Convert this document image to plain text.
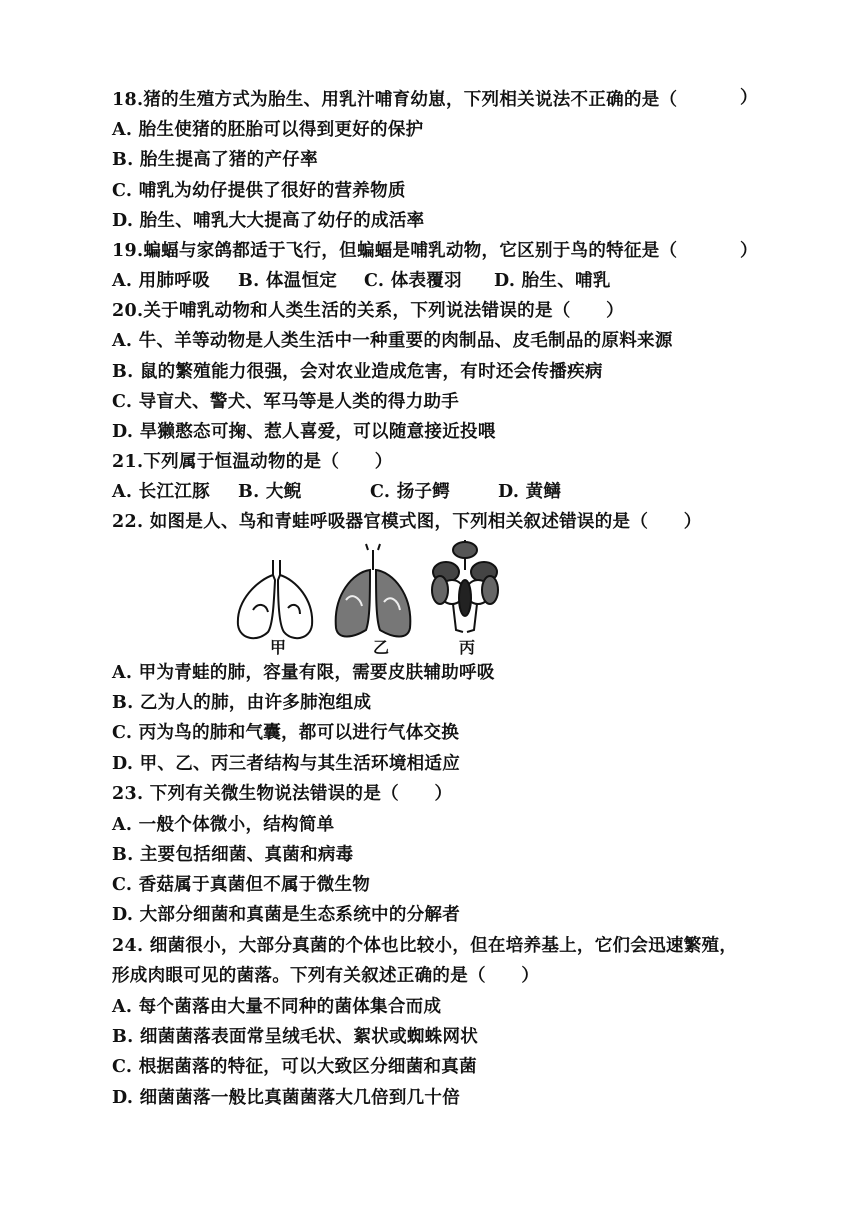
18.猪的生殖方式为胎生、用乳汁哺育幼崽，下列相关说法不正确的是（	）
A. 胎生使猪的胚胎可以得到更好的保护
B. 胎生提高了猪的产仔率
C. 哺乳为幼仔提供了很好的营养物质
D. 胎生、哺乳大大提高了幼仔的成活率
19.蝙蝠与家鸽都适于飞行，但蝙蝠是哺乳动物，它区别于鸟的特征是（	）
A. 用肺呼吸	B. 体温恒定	C. 体表覆羽	D. 胎生、哺乳
20.关于哺乳动物和人类生活的关系，下列说法错误的是（　　）
A. 牛、羊等动物是人类生活中一种重要的肉制品、皮毛制品的原料来源
B. 鼠的繁殖能力很强，会对农业造成危害，有时还会传播疾病
C. 导盲犬、警犬、军马等是人类的得力助手
D. 旱獭憨态可掬、惹人喜爱，可以随意接近投喂
21.下列属于恒温动物的是（　　）
A. 长江江豚	B. 大鲵	C. 扬子鳄	D. 黄鳝
22. 如图是人、鸟和青蛙呼吸器官模式图，下列相关叙述错误的是（　　）
甲	乙	丙
A. 甲为青蛙的肺，容量有限，需要皮肤辅助呼吸
B. 乙为人的肺，由许多肺泡组成
C. 丙为鸟的肺和气囊，都可以进行气体交换
D. 甲、乙、丙三者结构与其生活环境相适应
23. 下列有关微生物说法错误的是（　　）
A. 一般个体微小，结构简单
B. 主要包括细菌、真菌和病毒
C. 香菇属于真菌但不属于微生物
D. 大部分细菌和真菌是生态系统中的分解者
24. 细菌很小，大部分真菌的个体也比较小，但在培养基上，它们会迅速繁殖，
形成肉眼可见的菌落。下列有关叙述正确的是（　　）
A. 每个菌落由大量不同种的菌体集合而成
B. 细菌菌落表面常呈绒毛状、絮状或蜘蛛网状
C. 根据菌落的特征，可以大致区分细菌和真菌
D. 细菌菌落一般比真菌菌落大几倍到几十倍
